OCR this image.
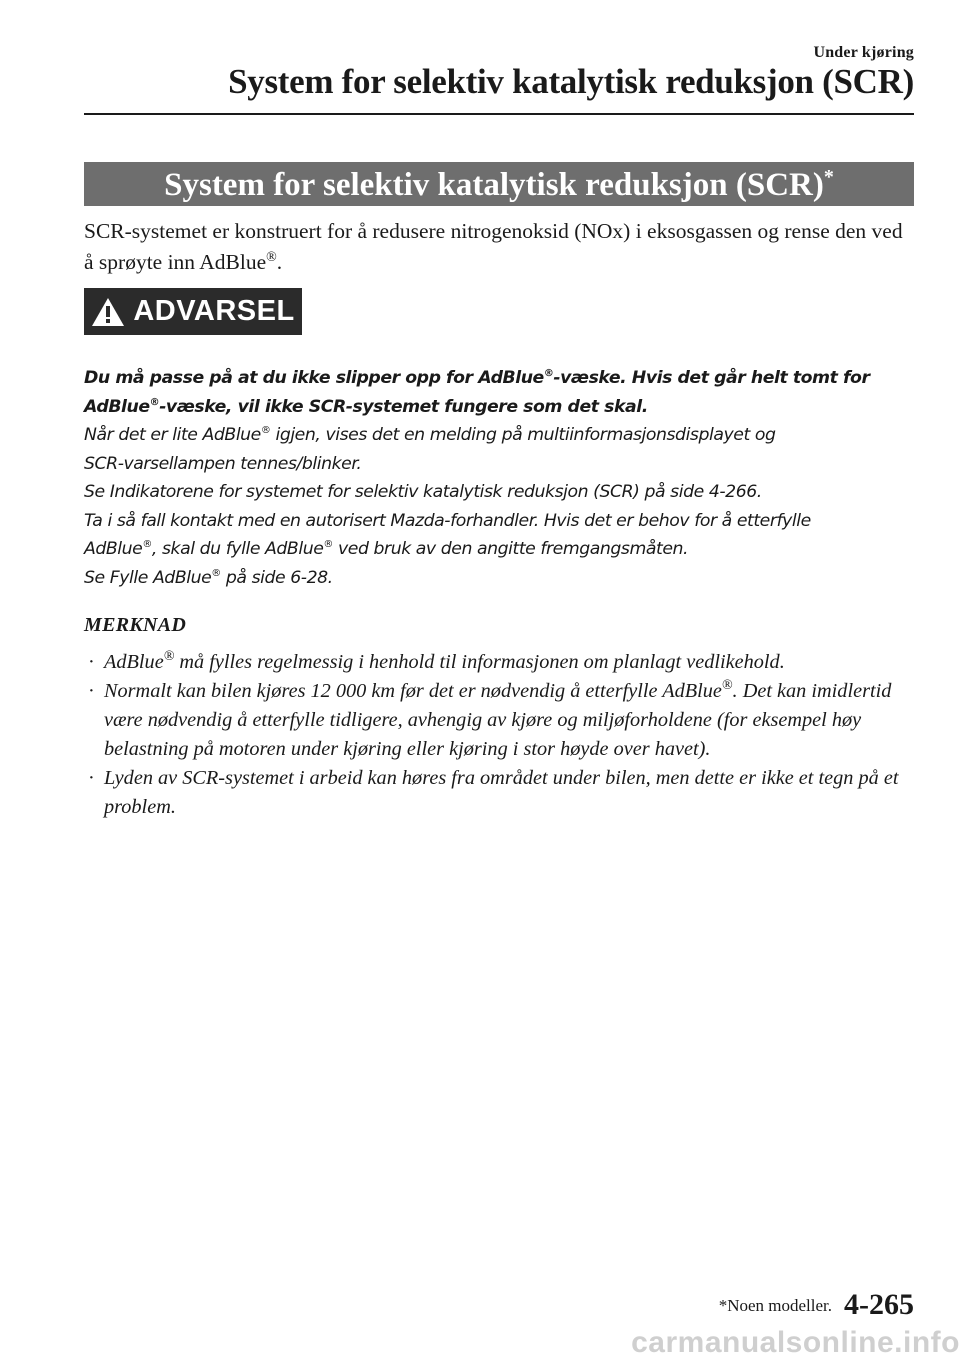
Under kjøring
System for selektiv katalytisk reduksjon (SCR)
System for selektiv katalytisk reduksjon (SCR)*
SCR-systemet er konstruert for å redusere nitrogenoksid (NOx) i eksosgassen og rense den ved å sprøyte inn AdBlue®.
ADVARSEL
Du må passe på at du ikke slipper opp for AdBlue®-væske. Hvis det går helt tomt for
AdBlue®-væske, vil ikke SCR-systemet fungere som det skal.
Når det er lite AdBlue® igjen, vises det en melding på multiinformasjonsdisplayet og
SCR-varsellampen tennes/blinker.
Se Indikatorene for systemet for selektiv katalytisk reduksjon (SCR) på side 4-266.
Ta i så fall kontakt med en autorisert Mazda-forhandler. Hvis det er behov for å etterfylle
AdBlue®, skal du fylle AdBlue® ved bruk av den angitte fremgangsmåten.
Se Fylle AdBlue® på side 6-28.
MERKNAD
· AdBlue® må fylles regelmessig i henhold til informasjonen om planlagt vedlikehold.
· Normalt kan bilen kjøres 12 000 km før det er nødvendig å etterfylle AdBlue®. Det kan imidlertid være nødvendig å etterfylle tidligere, avhengig av kjøre og miljøforholdene (for eksempel høy belastning på motoren under kjøring eller kjøring i stor høyde over havet).
· Lyden av SCR-systemet i arbeid kan høres fra området under bilen, men dette er ikke et tegn på et problem.
*Noen modeller. 4-265
carmanualsonline.info
